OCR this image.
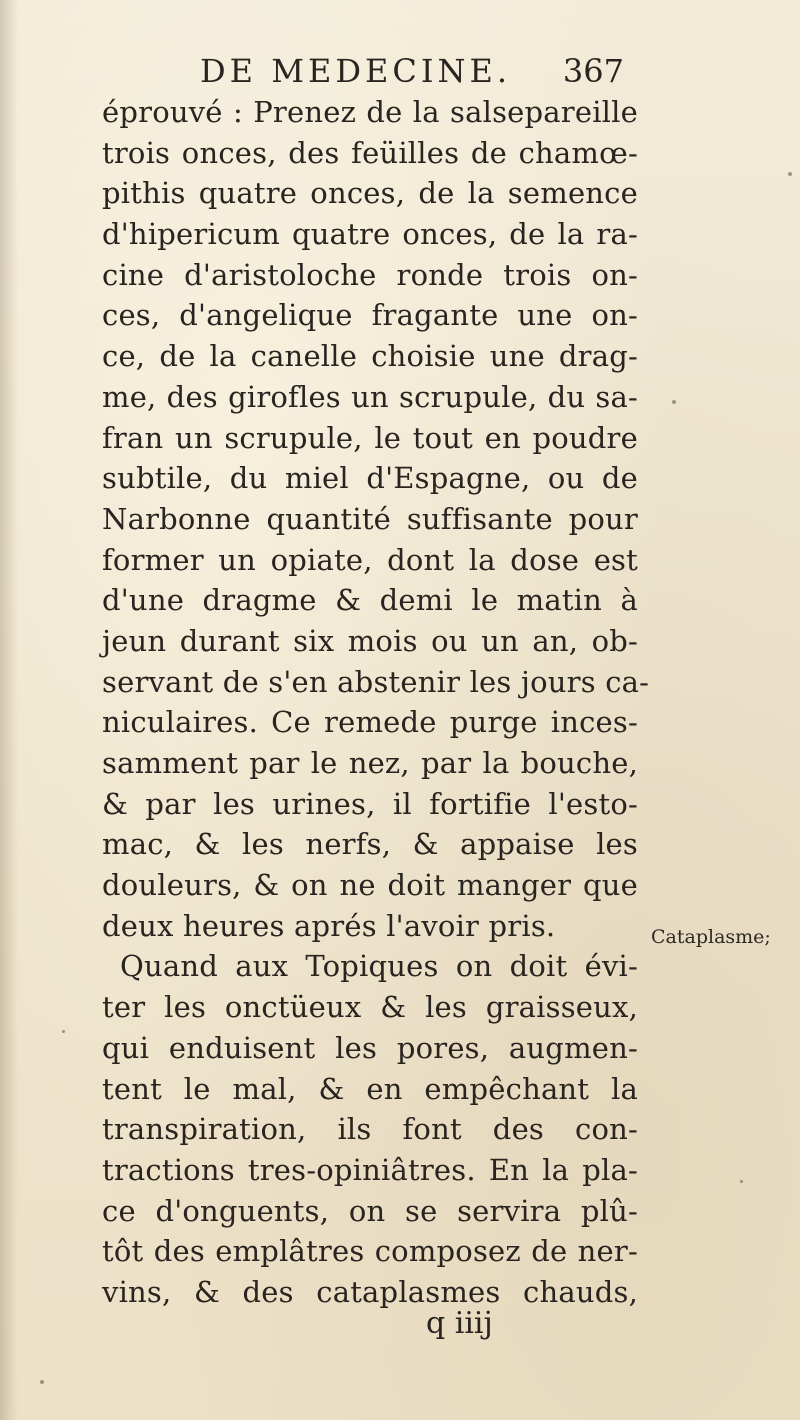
DE MEDECINE. 367
éprouvé : Prenez de la salsepareille
trois onces, des feüilles de chamœ-
pithis quatre onces, de la semence
d'hipericum quatre onces, de la ra-
cine d'aristoloche ronde trois on-
ces, d'angelique fragante une on-
ce, de la canelle choisie une drag-
me, des girofles un scrupule, du sa-
fran un scrupule, le tout en poudre
subtile, du miel d'Espagne, ou de
Narbonne quantité suffisante pour
former un opiate, dont la dose est
d'une dragme & demi le matin à
jeun durant six mois ou un an, ob-
servant de s'en abstenir les jours ca-
niculaires. Ce remede purge inces-
samment par le nez, par la bouche,
& par les urines, il fortifie l'esto-
mac, & les nerfs, & appaise les
douleurs, & on ne doit manger que
deux heures aprés l'avoir pris.
Quand aux Topiques on doit évi-
ter les onctüeux & les graisseux,
qui enduisent les pores, augmen-
tent le mal, & en empêchant la
transpiration, ils font des con-
tractions tres-opiniâtres. En la pla-
ce d'onguents, on se servira plû-
tôt des emplâtres composez de ner-
vins, & des cataplasmes chauds,
Cataplasme;
q iiij
